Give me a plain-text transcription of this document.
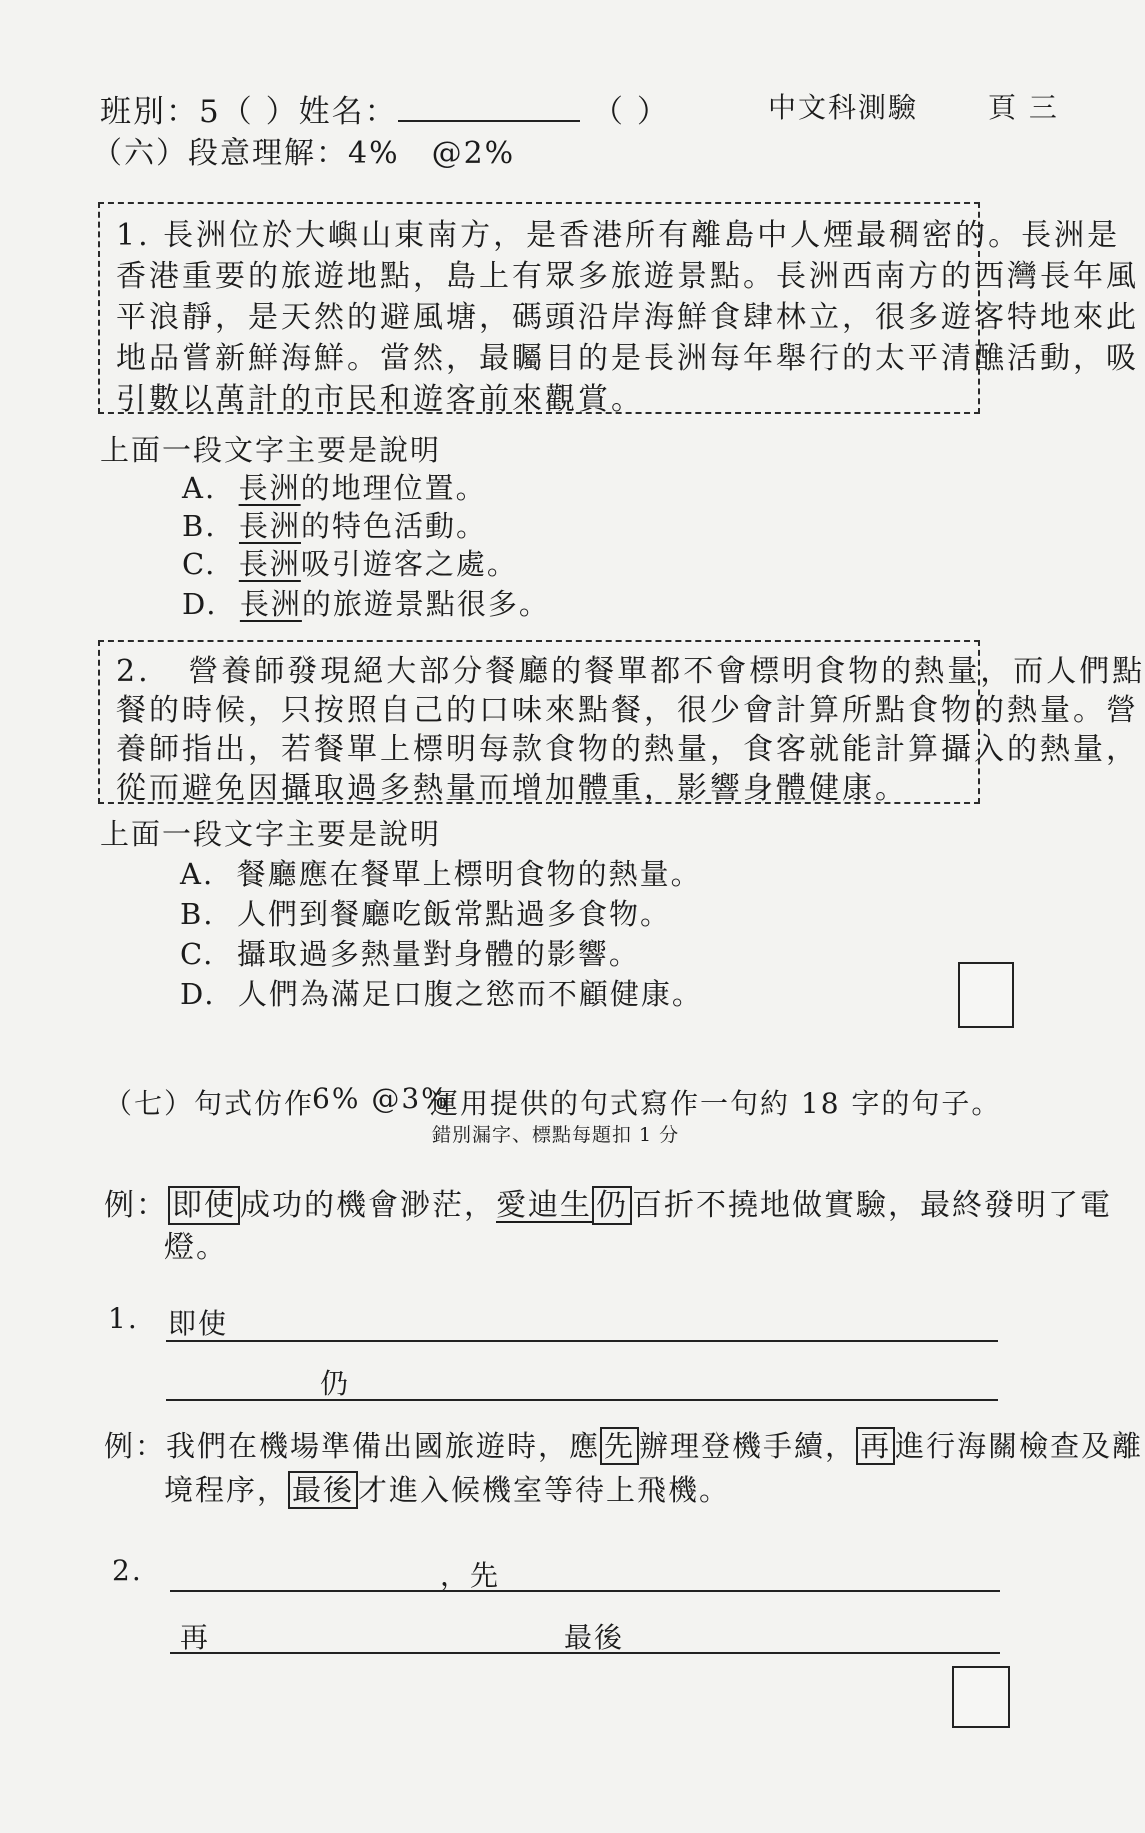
班別：5（ ）姓名：	（ ）	中文科測驗 頁 三
（六）段意理解：4%　@2%
1. 長洲位於大嶼山東南方，是香港所有離島中人煙最稠密的。長洲是
香港重要的旅遊地點，島上有眾多旅遊景點。長洲西南方的西灣長年風
平浪靜，是天然的避風塘，碼頭沿岸海鮮食肆林立，很多遊客特地來此
地品嘗新鮮海鮮。當然，最矚目的是長洲每年舉行的太平清醮活動，吸
引數以萬計的市民和遊客前來觀賞。
上面一段文字主要是說明
A. 長洲的地理位置。
B. 長洲的特色活動。
C. 長洲吸引遊客之處。
D. 長洲的旅遊景點很多。
2. 營養師發現絕大部分餐廳的餐單都不會標明食物的熱量，而人們點
餐的時候，只按照自己的口味來點餐，很少會計算所點食物的熱量。營
養師指出，若餐單上標明每款食物的熱量，食客就能計算攝入的熱量，
從而避免因攝取過多熱量而增加體重，影響身體健康。
上面一段文字主要是說明
A. 餐廳應在餐單上標明食物的熱量。
B. 人們到餐廳吃飯常點過多食物。
C. 攝取過多熱量對身體的影響。
D. 人們為滿足口腹之慾而不顧健康。
（七）句式仿作
6% @3%
運用提供的句式寫作一句約 18 字的句子。
錯別漏字、標點每題扣 1 分
例： 即使 成功的機會渺茫，愛迪生 仍 百折不撓地做實驗，最終發明了電
燈。
1. 即使
仍
例：我們在機場準備出國旅遊時，應 先 辦理登機手續， 再 進行海關檢查及離
境程序， 最後 才進入候機室等待上飛機。
2.	，先
再	最後
